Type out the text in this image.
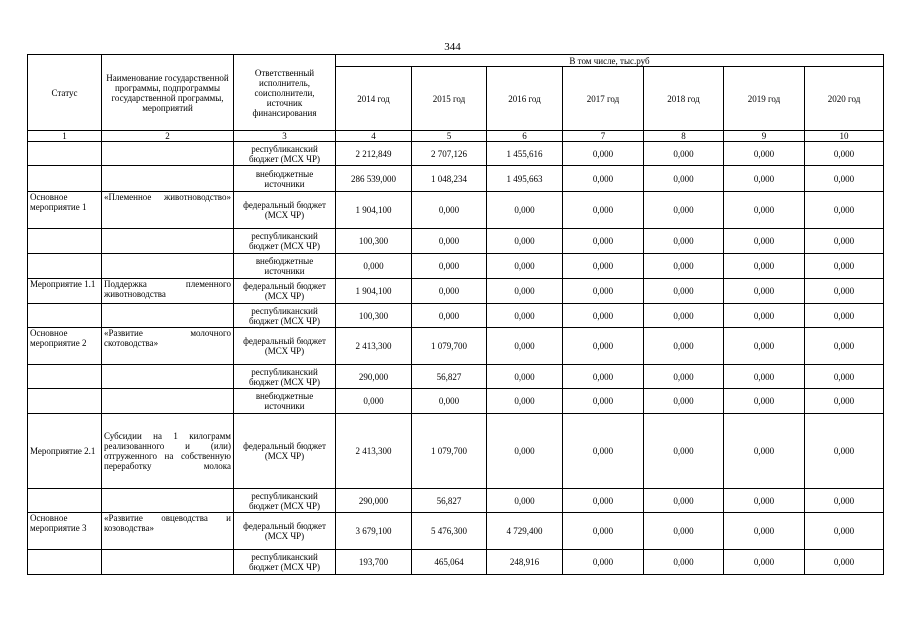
344
Статус	Наименование государственной программы, подпрограммы государственной программы, мероприятий	Ответственный исполнитель, соисполнители, источник финансирования	В том числе, тыс.руб						
			2014 год	2015 год	2016 год	2017 год	2018 год	2019 год	2020 год
1	2	3	4	5	6	7	8	9	10
		республиканский бюджет (МСХ ЧР)	2 212,849	2 707,126	1 455,616	0,000	0,000	0,000	0,000
		внебюджетные источники	286 539,000	1 048,234	1 495,663	0,000	0,000	0,000	0,000
Основное мероприятие 1	«Племенное животноводство»	федеральный бюджет (МСХ ЧР)	1 904,100	0,000	0,000	0,000	0,000	0,000	0,000
		республиканский бюджет (МСХ ЧР)	100,300	0,000	0,000	0,000	0,000	0,000	0,000
		внебюджетные источники	0,000	0,000	0,000	0,000	0,000	0,000	0,000
Мероприятие 1.1	Поддержка племенного животноводства	федеральный бюджет (МСХ ЧР)	1 904,100	0,000	0,000	0,000	0,000	0,000	0,000
		республиканский бюджет (МСХ ЧР)	100,300	0,000	0,000	0,000	0,000	0,000	0,000
Основное мероприятие 2	«Развитие молочного скотоводства»	федеральный бюджет (МСХ ЧР)	2 413,300	1 079,700	0,000	0,000	0,000	0,000	0,000
		республиканский бюджет (МСХ ЧР)	290,000	56,827	0,000	0,000	0,000	0,000	0,000
		внебюджетные источники	0,000	0,000	0,000	0,000	0,000	0,000	0,000
Мероприятие 2.1	Субсидии на 1 килограмм реализованного и (или) отгруженного на собственную переработку молока	федеральный бюджет (МСХ ЧР)	2 413,300	1 079,700	0,000	0,000	0,000	0,000	0,000
		республиканский бюджет (МСХ ЧР)	290,000	56,827	0,000	0,000	0,000	0,000	0,000
Основное мероприятие 3	«Развитие овцеводства и козоводства»	федеральный бюджет (МСХ ЧР)	3 679,100	5 476,300	4 729,400	0,000	0,000	0,000	0,000
		республиканский бюджет (МСХ ЧР)	193,700	465,064	248,916	0,000	0,000	0,000	0,000
